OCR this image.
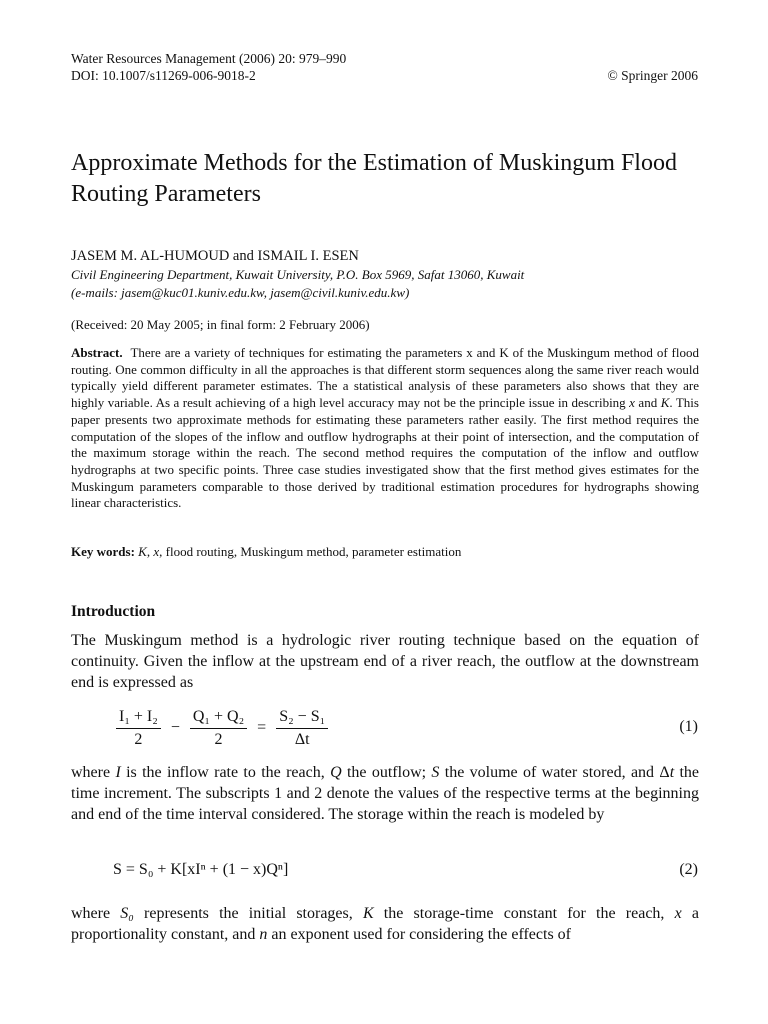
Water Resources Management (2006) 20: 979–990
DOI: 10.1007/s11269-006-9018-2	© Springer 2006
Approximate Methods for the Estimation of Muskingum Flood Routing Parameters
JASEM M. AL-HUMOUD and ISMAIL I. ESEN
Civil Engineering Department, Kuwait University, P.O. Box 5969, Safat 13060, Kuwait
(e-mails: jasem@kuc01.kuniv.edu.kw, jasem@civil.kuniv.edu.kw)
(Received: 20 May 2005; in final form: 2 February 2006)
Abstract. There are a variety of techniques for estimating the parameters x and K of the Muskingum method of flood routing. One common difficulty in all the approaches is that different storm sequences along the same river reach would typically yield different parameter estimates. The a statistical analysis of these parameters also shows that they are highly variable. As a result achieving of a high level accuracy may not be the principle issue in describing x and K. This paper presents two approximate methods for estimating these parameters rather easily. The first method requires the computation of the slopes of the inflow and outflow hydrographs at their point of intersection, and the computation of the maximum storage within the reach. The second method requires the computation of the inflow and outflow hydrographs at two specific points. Three case studies investigated show that the first method gives estimates for the Muskingum parameters comparable to those derived by traditional estimation procedures for hydrographs showing linear characteristics.
Key words: K, x, flood routing, Muskingum method, parameter estimation
Introduction
The Muskingum method is a hydrologic river routing technique based on the equation of continuity. Given the inflow at the upstream end of a river reach, the outflow at the downstream end is expressed as
$\frac{\text{I₁ + I₂}}{2} - \frac{\text{Q₁ + Q₂}}{2} = \frac{\text{S₂ − S₁}}{\Delta t}$	(1)
where I is the inflow rate to the reach, Q the outflow; S the volume of water stored, and Δt the time increment. The subscripts 1 and 2 denote the values of the respective terms at the beginning and end of the time interval considered. The storage within the reach is modeled by
S = S₀ + K[xIⁿ + (1 − x)Qⁿ]	(2)
where S₀ represents the initial storages, K the storage-time constant for the reach, x a proportionality constant, and n an exponent used for considering the effects of
